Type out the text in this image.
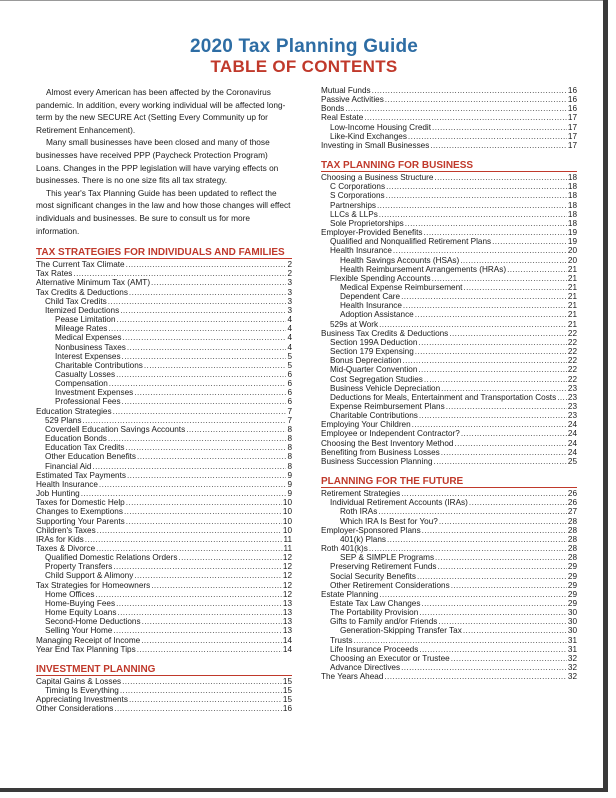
2020 Tax Planning Guide
TABLE OF CONTENTS

Almost every American has been affected by the Coronavirus pandemic. In addition, every working individual will be affected long-term by the new SECURE Act (Setting Every Community up for Retirement Enhancement).

Many small businesses have been closed and many of those businesses have received PPP (Paycheck Protection Program) Loans. Changes in the PPP legislation will have varying effects on businesses. There is no one size fits all tax strategy.

This year's Tax Planning Guide has been updated to reflect the most significant changes in the law and how those changes will effect individuals and businesses. Be sure to consult us for more information.

TAX STRATEGIES FOR INDIVIDUALS AND FAMILIES
The Current Tax Climate .....	2
Tax Rates .....	2
Alternative Minimum Tax (AMT) .....	3
Tax Credits & Deductions .....	3
Child Tax Credits .....	3
Itemized Deductions .....	3
Pease Limitation .....	4
Mileage Rates .....	4
Medical Expenses .....	4
Nonbusiness Taxes .....	4
Interest Expenses .....	5
Charitable Contributions .....	5
Casualty Losses .....	6
Compensation .....	6
Investment Expenses .....	6
Professional Fees .....	6
Education Strategies .....	7
529 Plans .....	7
Coverdell Education Savings Accounts .....	8
Education Bonds .....	8
Education Tax Credits .....	8
Other Education Benefits .....	8
Financial Aid .....	8
Estimated Tax Payments .....	9
Health Insurance .....	9
Job Hunting .....	9
Taxes for Domestic Help .....	10
Changes to Exemptions .....	10
Supporting Your Parents .....	10
Children's Taxes .....	10
IRAs for Kids .....	11
Taxes & Divorce .....	11
Qualified Domestic Relations Orders .....	12
Property Transfers .....	12
Child Support & Alimony .....	12
Tax Strategies for Homeowners .....	12
Home Offices .....	12
Home-Buying Fees .....	13
Home Equity Loans .....	13
Second-Home Deductions .....	13
Selling Your Home .....	13
Managing Receipt of Income .....	14
Year End Tax Planning Tips .....	14
INVESTMENT PLANNING
Capital Gains & Losses .....	15
Timing Is Everything .....	15
Appreciating Investments .....	15
Other Considerations .....	16
Mutual Funds .....	16
Passive Activities .....	16
Bonds .....	16
Real Estate .....	17
Low-Income Housing Credit .....	17
Like-Kind Exchanges .....	17
Investing in Small Businesses .....	17
TAX PLANNING FOR BUSINESS
Choosing a Business Structure .....	18
C Corporations .....	18
S Corporations .....	18
Partnerships .....	18
LLCs & LLPs .....	18
Sole Proprietorships .....	18
Employer-Provided Benefits .....	19
Qualified and Nonqualified Retirement Plans .....	19
Health Insurance .....	20
Health Savings Accounts (HSAs) .....	20
Health Reimbursement Arrangements (HRAs) .....	21
Flexible Spending Accounts .....	21
Medical Expense Reimbursement .....	21
Dependent Care .....	21
Health Insurance .....	21
Adoption Assistance .....	21
529s at Work .....	21
Business Tax Credits & Deductions .....	22
Section 199A Deduction .....	22
Section 179 Expensing .....	22
Bonus Depreciation .....	22
Mid-Quarter Convention .....	22
Cost Segregation Studies .....	22
Business Vehicle Depreciation .....	23
Deductions for Meals, Entertainment and Transportation Costs ..... 23
Expense Reimbursement Plans .....	23
Charitable Contributions .....	23
Employing Your Children .....	24
Employee or Independent Contractor? .....	24
Choosing the Best Inventory Method .....	24
Benefiting from Business Losses .....	24
Business Succession Planning .....	25
PLANNING FOR THE FUTURE
Retirement Strategies .....	26
Individual Retirement Accounts (IRAs) .....	26
Roth IRAs .....	27
Which IRA Is Best for You? .....	28
Employer-Sponsored Plans .....	28
401(k) Plans .....	28
Roth 401(k)s .....	28
SEP & SIMPLE Programs .....	28
Preserving Retirement Funds .....	29
Social Security Benefits .....	29
Other Retirement Considerations .....	29
Estate Planning .....	29
Estate Tax Law Changes .....	29
The Portability Provision .....	30
Gifts to Family and/or Friends .....	30
Generation-Skipping Transfer Tax .....	30
Trusts .....	31
Life Insurance Proceeds .....	31
Choosing an Executor or Trustee .....	32
Advance Directives .....	32
The Years Ahead .....	32
